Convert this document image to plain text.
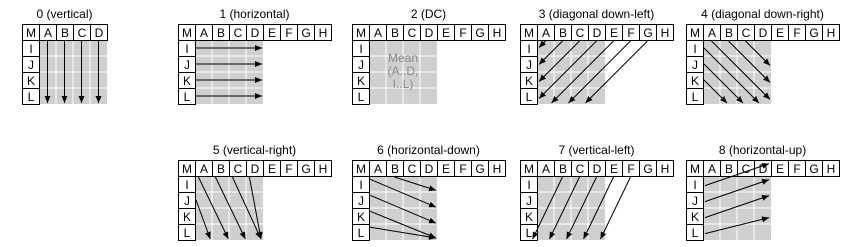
0 (vertical)
M A B C D
I
J
K
L
1 (horizontal)
M A B C D E F G H
I
J
K
L
2 (DC)
M A B C D E F G H
I
J
K
L
Mean
(A..D,
I..L)
3 (diagonal down-left)
M A B C D E F G H
I
J
K
L
4 (diagonal down-right)
M A B C D E F G H
I
J
K
L
5 (vertical-right)
M A B C D E F G H
I
J
K
L
6 (horizontal-down)
M A B C D E F G H
I
J
K
L
7 (vertical-left)
M A B C D E F G H
I
J
K
L
8 (horizontal-up)
M A B C D E F G H
I
J
K
L
